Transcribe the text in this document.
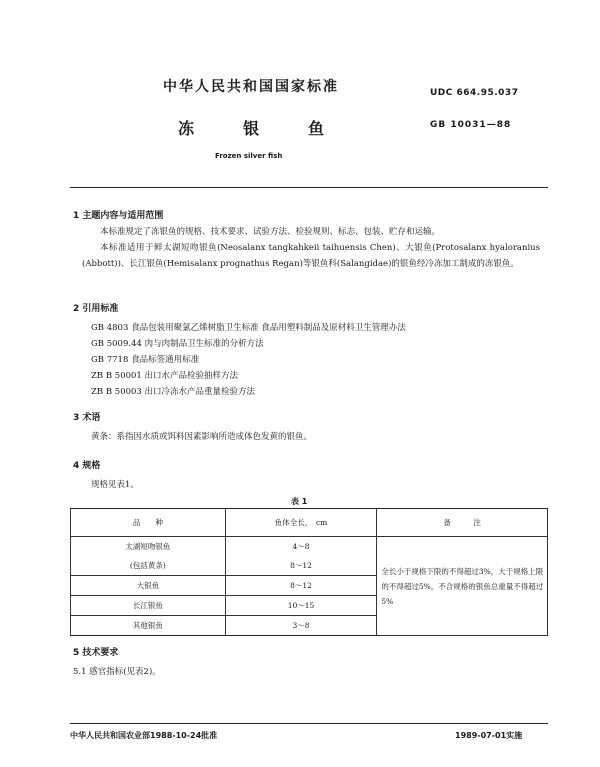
中华人民共和国国家标准	UDC 664.95.037
冻	银	鱼	GB 10031—88
Frozen silver fish
1 主题内容与适用范围
本标准规定了冻银鱼的规格、技术要求、试验方法、检验规则、标志、包装、贮存和运输。
本标准适用于鲜太湖短吻银鱼(Neosalanx tangkahkeii taihuensis Chen)、大银鱼(Protosalanx hyaloranius (Abbott))、长江银鱼(Hemisalanx prognathus Regan)等银鱼科(Salangidae)的银鱼经冷冻加工制成的冻银鱼。
2 引用标准
GB 4803 食品包装用聚氯乙烯树脂卫生标准 食品用塑料制品及原材料卫生管理办法
GB 5009.44 肉与肉制品卫生标准的分析方法
GB 7718 食品标签通用标准
ZB B 50001 出口水产品检验抽样方法
ZB B 50003 出口冷冻水产品重量检验方法
3 术语
黄条：系指因水质或饵料因素影响所造成体色发黄的银鱼。
4 规格
规格见表1。
表 1
品　　种	鱼体全长，　cm	备　　　注
太湖短吻银鱼	4～8	全长小于规格下限的不得超过3%，大于规格上限的不得超过5%，不合规格的银鱼总重量不得超过5%
(包括黄条)	8～12	
大银鱼	8～12	
长江银鱼	10～15	
其他银鱼	3～8	
5 技术要求
5.1 感官指标(见表2)。
中华人民共和国农业部1988-10-24批准	1989-07-01实施
